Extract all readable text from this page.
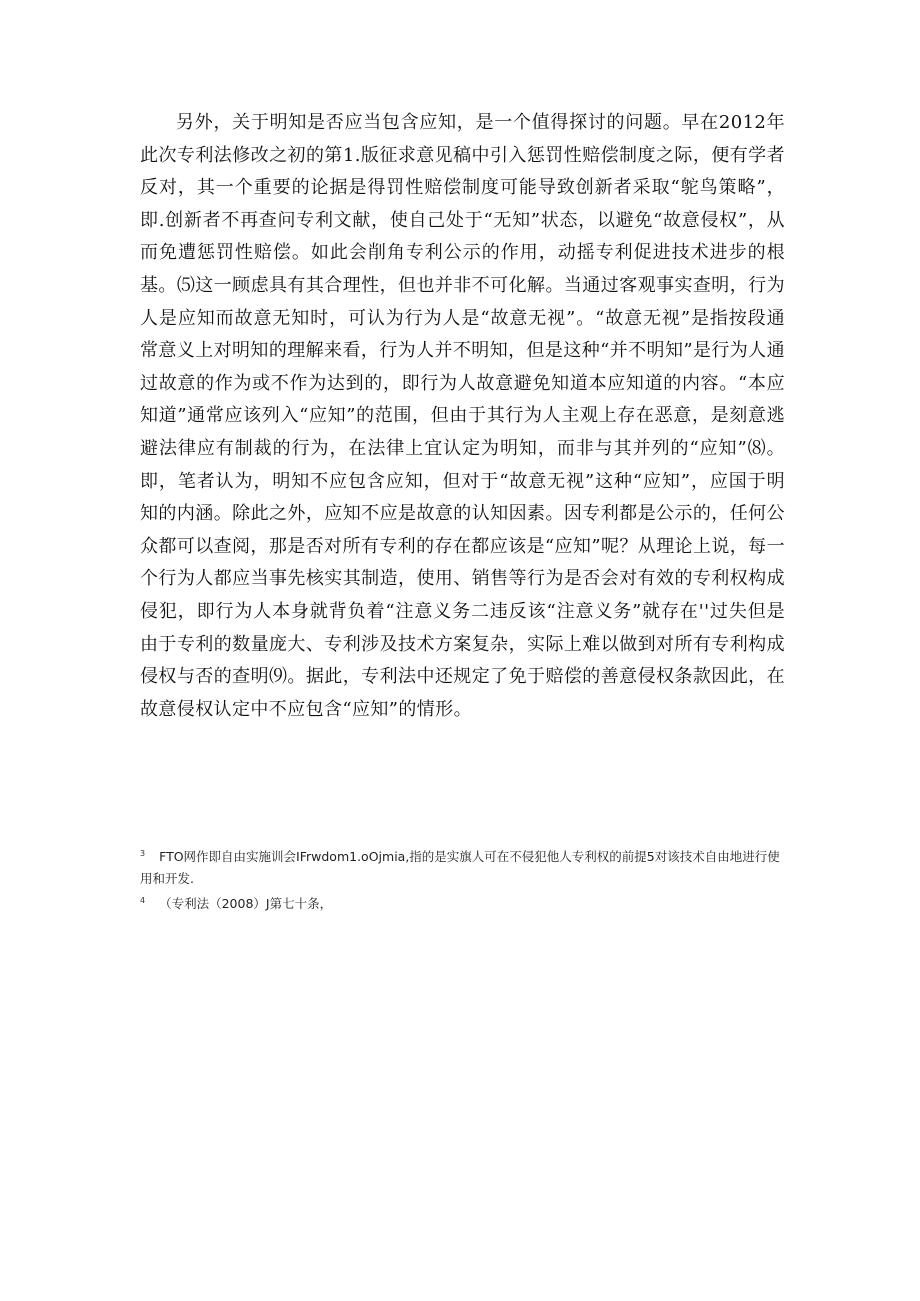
另外，关于明知是否应当包含应知，是一个值得探讨的问题。早在2012年此次专利法修改之初的第1.版征求意见稿中引入惩罚性赔偿制度之际，便有学者反对，其一个重要的论据是得罚性赔偿制度可能导致创新者采取“鸵鸟策略”，即.创新者不再查问专利文献，使自己处于“无知”状态，以避免“故意侵权”，从而免遭惩罚性赔偿。如此会削角专利公示的作用，动摇专利促进技术进步的根基。⑸这一顾虑具有其合理性，但也并非不可化解。当通过客观事实查明，行为人是应知而故意无知时，可认为行为人是“故意无视”。“故意无视”是指按段通常意义上对明知的理解来看，行为人并不明知，但是这种“并不明知”是行为人通过故意的作为或不作为达到的，即行为人故意避免知道本应知道的内容。“本应知道”通常应该列入“应知”的范围，但由于其行为人主观上存在恶意，是刻意逃避法律应有制裁的行为，在法律上宜认定为明知，而非与其并列的“应知”⑻。即，笔者认为，明知不应包含应知，但对于“故意无视”这种“应知”，应国于明知的内涵。除此之外，应知不应是故意的认知因素。因专利都是公示的，任何公众都可以查阅，那是否对所有专利的存在都应该是“应知”呢？从理论上说，每一个行为人都应当事先核实其制造，使用、销售等行为是否会对有效的专利权构成侵犯，即行为人本身就背负着“注意义务二违反该“注意义务”就存在''过失但是由于专利的数量庞大、专利涉及技术方案复杂，实际上难以做到对所有专利构成侵权与否的查明⑼。据此，专利法中还规定了免于赔偿的善意侵权条款因此，在故意侵权认定中不应包含“应知”的情形。

$^3$ FTO网作即自由实施训会IFrwdom1.oOjmia,指的是实旗人可在不侵犯他人专利权的前提5对该技术自由地进行使

用和开发.

$^4$ （专利法（2008）J第七十条，
